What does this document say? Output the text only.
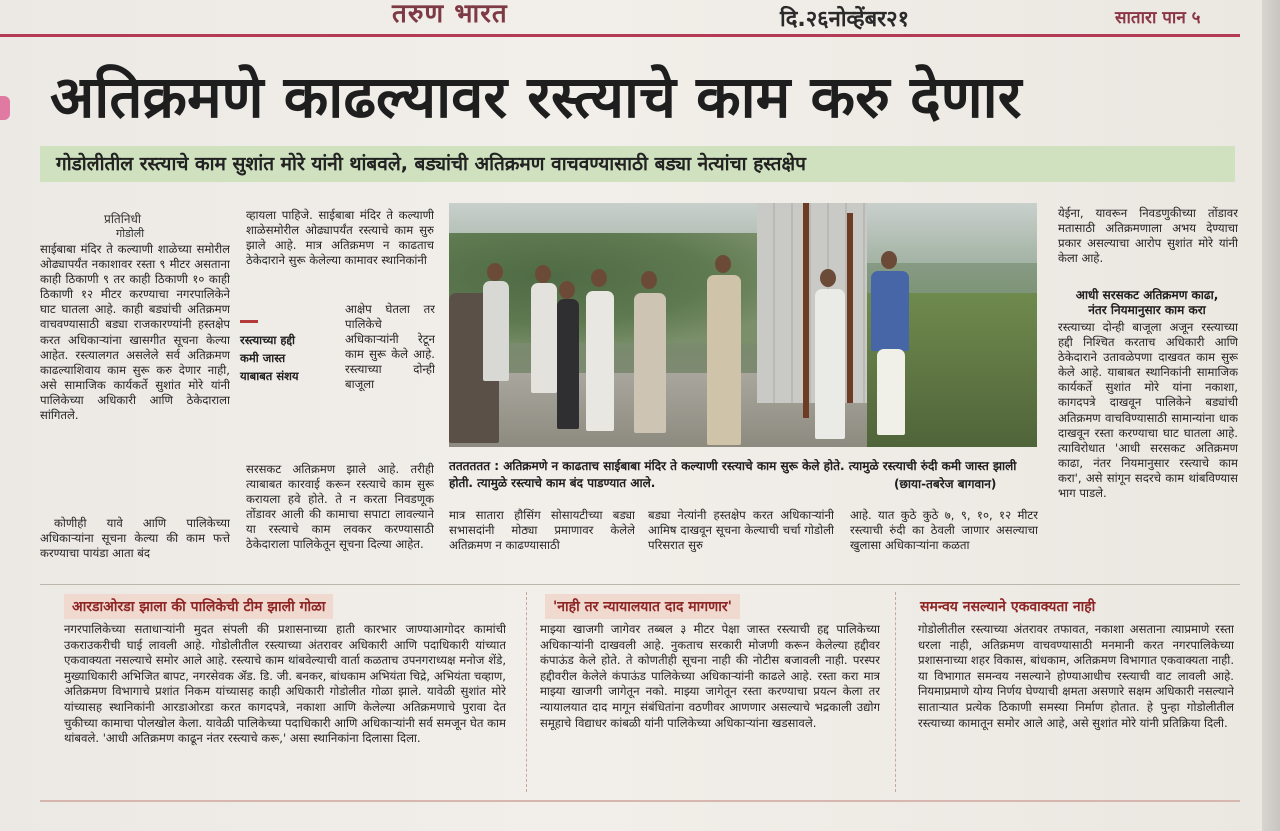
तरुण भारत	दि.२६नोव्हेंबर२१	सातारा पान ५
अतिक्रमणे काढल्यावर रस्त्याचे काम करु देणार
गोडोलीतील रस्त्याचे काम सुशांत मोरे यांनी थांबवले, बड्यांची अतिक्रमण वाचवण्यासाठी बड्या नेत्यांचा हस्तक्षेप
प्रतिनिधी
गोडोली
साईबाबा मंदिर ते कल्याणी शाळेच्या समोरील ओढ्यापर्यंत नकाशावर रस्ता ९ मीटर असताना काही ठिकाणी ९ तर काही ठिकाणी १० काही ठिकाणी १२ मीटर करण्याचा नगरपालिकेने घाट घातला आहे. काही बड्यांची अतिक्रमण वाचवण्यासाठी बड्या राजकारण्यांनी हस्तक्षेप करत अधिकाऱ्यांना खासगीत सूचना केल्या आहेत. रस्त्यालगत असलेले सर्व अतिक्रमण काढल्याशिवाय काम सुरू करु देणार नाही, असे सामाजिक कार्यकर्ते सुशांत मोरे यांनी पालिकेच्या अधिकारी आणि ठेकेदाराला सांगितले.
कोणीही यावे आणि पालिकेच्या अधिकाऱ्यांना सूचना केल्या की काम फत्ते करण्याचा पायंडा आता बंद
व्हायला पाहिजे. साईबाबा मंदिर ते कल्याणी शाळेसमोरील ओढ्यापर्यंत रस्त्याचे काम सुरु झाले आहे. मात्र अतिक्रमण न काढताच ठेकेदाराने सुरू केलेल्या कामावर स्थानिकांनी
आक्षेप घेतला तर पालिकेचे अधिकाऱ्यांनी रेटून काम सुरू केले आहे. रस्त्याच्या दोन्ही बाजूला
रस्त्याच्या हद्दी
कमी जास्त
याबाबत संशय
सरसकट अतिक्रमण झाले आहे. तरीही त्याबाबत कारवाई करून रस्त्याचे काम सुरू करायला हवे होते. ते न करता निवडणूक तोंडावर आली की कामाचा सपाटा लावल्याने या रस्त्याचे काम लवकर करण्यासाठी ठेकेदाराला पालिकेतून सूचना दिल्या आहेत.
तततततत : अतिक्रमणे न काढताच साईबाबा मंदिर ते कल्याणी रस्त्याचे काम सुरू केले होते. त्यामुळे रस्त्याची रुंदी कमी जास्त झाली होती. त्यामुळे रस्त्याचे काम बंद पाडण्यात आले.	(छाया-तबरेज बागवान)
मात्र सातारा हौसिंग सोसायटीच्या बड्या सभासदांनी मोठ्या प्रमाणावर केलेले अतिक्रमण न काढण्यासाठी
बड्या नेत्यांनी हस्तक्षेप करत अधिकाऱ्यांनी आमिष दाखवून सूचना केल्याची चर्चा गोडोली परिसरात सुरु
आहे. यात कुठे कुठे ७, ९, १०, १२ मीटर रस्त्याची रुंदी का ठेवली जाणार असल्याचा खुलासा अधिकाऱ्यांना कळता
येईना, यावरून निवडणुकीच्या तोंडावर मतासाठी अतिक्रमणाला अभय देण्याचा प्रकार असल्याचा आरोप सुशांत मोरे यांनी केला आहे.
आधी सरसकट अतिक्रमण काढा,
नंतर नियमानुसार काम करा
रस्त्याच्या दोन्ही बाजूला अजून रस्त्याच्या हद्दी निश्चित करताच अधिकारी आणि ठेकेदाराने उतावळेपणा दाखवत काम सुरू केले आहे. याबाबत स्थानिकांनी सामाजिक कार्यकर्ते सुशांत मोरे यांना नकाशा, कागदपत्रे दाखवून पालिकेने बड्यांची अतिक्रमण वाचविण्यासाठी सामान्यांना धाक दाखवून रस्ता करण्याचा घाट घातला आहे. त्याविरोधात 'आधी सरसकट अतिक्रमण काढा, नंतर नियमानुसार रस्त्याचे काम करा', असे सांगून सदरचे काम थांबविण्यास भाग पाडले.
आरडाओरडा झाला की पालिकेची टीम झाली गोळा
नगरपालिकेच्या सताधाऱ्यांनी मुदत संपली की प्रशासनाच्या हाती कारभार जाण्याआगोदर कामांची उकराउकरीची घाई लावली आहे. गोडोलीतील रस्त्याच्या अंतरावर अधिकारी आणि पदाधिकारी यांच्यात एकवाक्यता नसल्याचे समोर आले आहे. रस्त्याचे काम थांबवेल्याची वार्ता कळताच उपनगराध्यक्ष मनोज शेंडे, मुख्याधिकारी अभिजित बापट, नगरसेवक ॲड. डि. जी. बनकर, बांधकाम अभियंता चिद्रे, अभियंता चव्हाण, अतिक्रमण विभागाचे प्रशांत निकम यांच्यासह काही अधिकारी गोडोलीत गोळा झाले. यावेळी सुशांत मोरे यांच्यासह स्थानिकांनी आरडाओरडा करत कागदपत्रे, नकाशा आणि केलेल्या अतिक्रमणाचे पुरावा देत चुकीच्या कामाचा पोलखोल केला. यावेळी पालिकेच्या पदाधिकारी आणि अधिकाऱ्यांनी सर्व समजून घेत काम थांबवले. 'आधी अतिक्रमण काढून नंतर रस्त्याचे करू,' असा स्थानिकांना दिलासा दिला.
'नाही तर न्यायालयात दाद मागणार'
माझ्या खाजगी जागेवर तब्बल ३ मीटर पेक्षा जास्त रस्त्याची हद्द पालिकेच्या अधिकाऱ्यांनी दाखवली आहे. नुकताच सरकारी मोजणी करून केलेल्या हद्दीवर कंपाऊंड केले होते. ते कोणतीही सूचना नाही की नोटीस बजावली नाही. परस्पर हद्दीवरील केलेले कंपाऊंड पालिकेच्या अधिकाऱ्यांनी काढले आहे. रस्ता करा मात्र माझ्या खाजगी जागेतून नको. माझ्या जागेतून रस्ता करण्याचा प्रयत्न केला तर न्यायालयात दाद मागून संबंधितांना वठणीवर आणणार असल्याचे भद्रकाली उद्योग समूहाचे विद्याधर कांबळी यांनी पालिकेच्या अधिकाऱ्यांना खडसावले.
समन्वय नसल्याने एकवाक्यता नाही
गोडोलीतील रस्त्याच्या अंतरावर तफावत, नकाशा असताना त्याप्रमाणे रस्ता धरला नाही, अतिक्रमण वाचवण्यासाठी मनमानी करत नगरपालिकेच्या प्रशासनाच्या शहर विकास, बांधकाम, अतिक्रमण विभागात एकवाक्यता नाही. या विभागात समन्वय नसल्याने होण्याआधीच रस्त्याची वाट लावली आहे. नियमाप्रमाणे योग्य निर्णय घेण्याची क्षमता असणारे सक्षम अधिकारी नसल्याने साताऱ्यात प्रत्येक ठिकाणी समस्या निर्माण होतात. हे पुन्हा गोडोलीतील रस्त्याच्या कामातून समोर आले आहे, असे सुशांत मोरे यांनी प्रतिक्रिया दिली.
